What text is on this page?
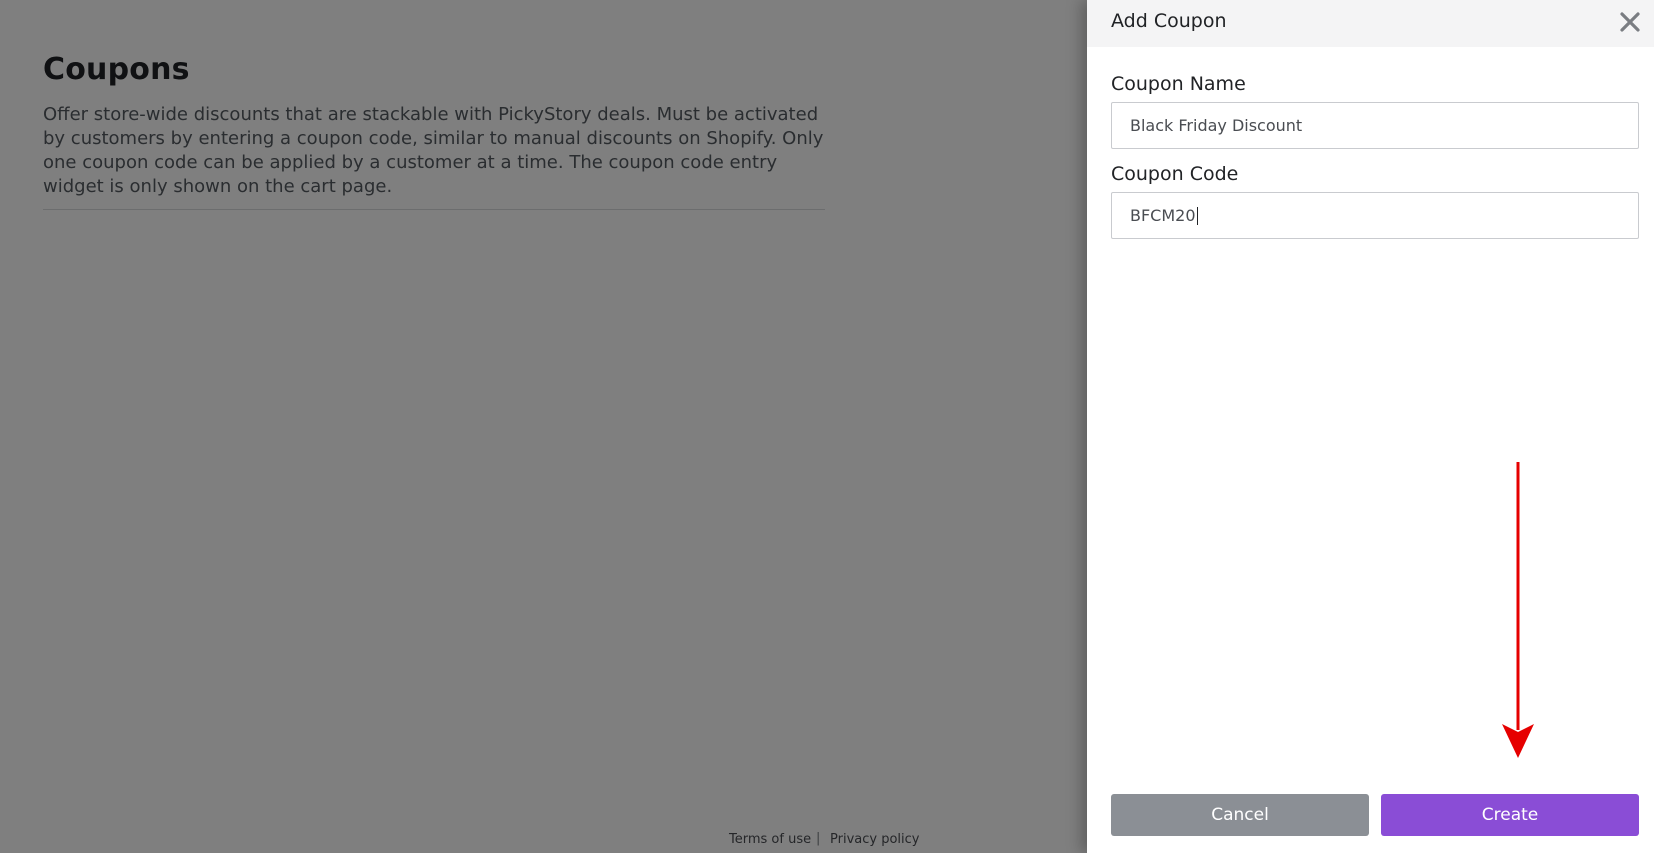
Add Coupon
Coupon Name
Black Friday Discount
Coupon Code
BFCM20
Cancel	Create
